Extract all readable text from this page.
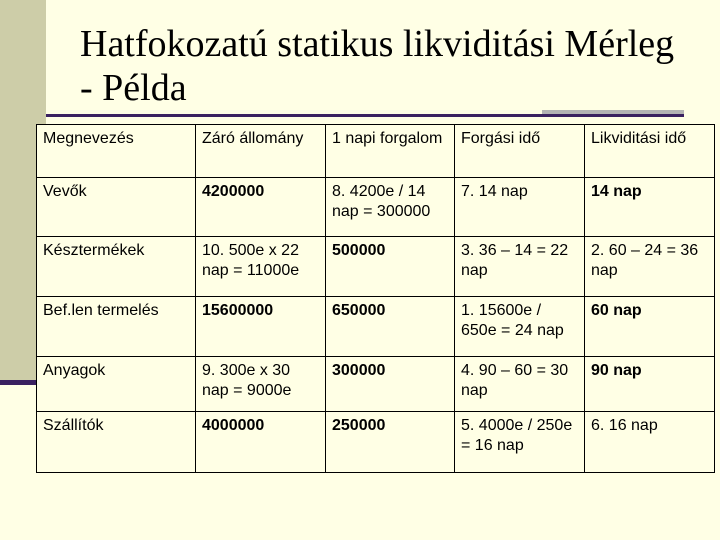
Hatfokozatú statikus likviditási Mérleg
- Példa
Megnevezés	Záró állomány	1 napi forgalom	Forgási idő	Likviditási idő
Vevők	4200000	8. 4200e / 14 nap = 300000	7. 14 nap	14 nap
Késztermékek	10. 500e x 22 nap = 11000e	500000	3. 36 – 14 = 22 nap	2. 60 – 24 = 36 nap
Bef.len termelés	15600000	650000	1. 15600e / 650e = 24 nap	60 nap
Anyagok	9. 300e x 30 nap = 9000e	300000	4. 90 – 60 = 30 nap	90 nap
Szállítók	4000000	250000	5. 4000e / 250e = 16 nap	6. 16 nap
